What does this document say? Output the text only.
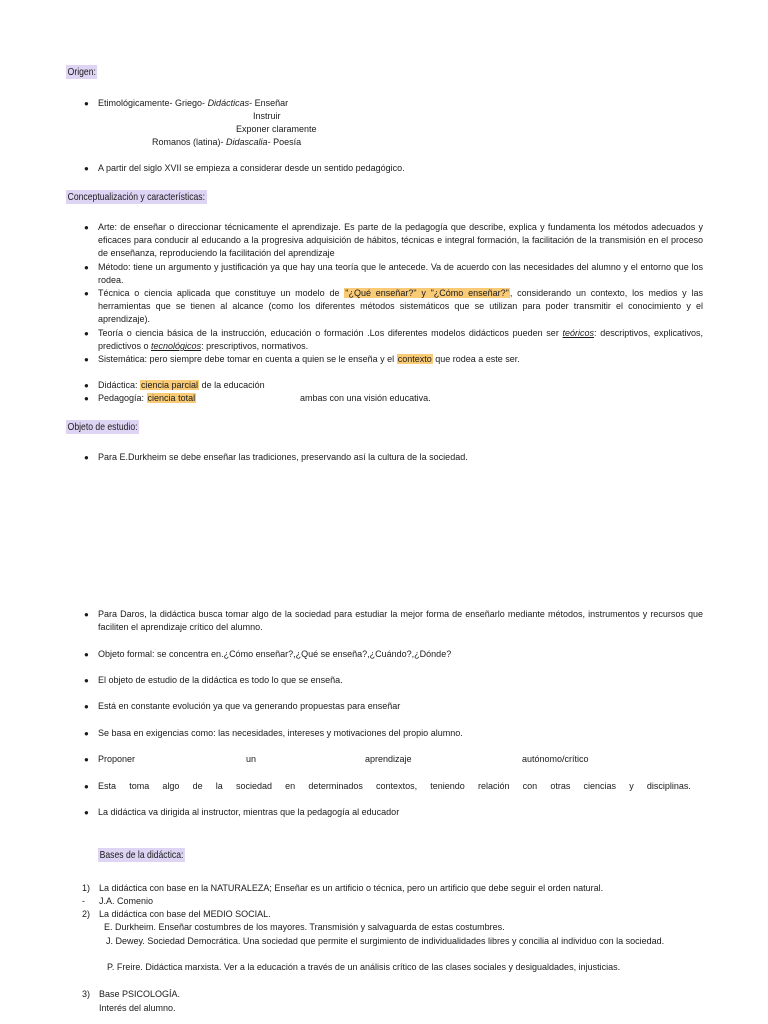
Origen:
● Etimológicamente- Griego- Didácticas- Enseñar
Instruir
Exponer claramente
Romanos (latina)- Didascalia- Poesía
● A partir del siglo XVII se empieza a considerar desde un sentido pedagógico.
Conceptualización y características:
● Arte: de enseñar o direccionar técnicamente el aprendizaje. Es parte de la pedagogía que describe, explica y fundamenta los métodos adecuados y eficaces para conducir al educando a la progresiva adquisición de hábitos, técnicas e integral formación, la facilitación de la transmisión en el proceso de enseñanza, reproduciendo la facilitación del aprendizaje
● Método: tiene un argumento y justificación ya que hay una teoría que le antecede. Va de acuerdo con las necesidades del alumno y el entorno que los rodea.
● Técnica o ciencia aplicada que constituye un modelo de "¿Qué enseñar?" y "¿Cómo enseñar?", considerando un contexto, los medios y las herramientas que se tienen al alcance (como los diferentes métodos sistemáticos que se utilizan para poder transmitir el conocimiento y el aprendizaje).
● Teoría o ciencia básica de la instrucción, educación o formación .Los diferentes modelos didácticos pueden ser teóricos: descriptivos, explicativos, predictivos o tecnológicos: prescriptivos, normativos.
● Sistemática: pero siempre debe tomar en cuenta a quien se le enseña y el contexto que rodea a este ser.
● Didáctica: ciencia parcial de la educación
● Pedagogía: ciencia total	ambas con una visión educativa.
Objeto de estudio:
● Para E.Durkheim se debe enseñar las tradiciones, preservando así la cultura de la sociedad.
● Para Daros, la didáctica busca tomar algo de la sociedad para estudiar la mejor forma de enseñarlo mediante métodos, instrumentos y recursos que faciliten el aprendizaje crítico del alumno.
● Objeto formal: se concentra en.¿Cómo enseñar?,¿Qué se enseña?,¿Cuándo?,¿Dónde?
● El objeto de estudio de la didáctica es todo lo que se enseña.
● Está en constante evolución ya que va generando propuestas para enseñar
● Se basa en exigencias como: las necesidades, intereses y motivaciones del propio alumno.
● Proponer	un	aprendizaje	autónomo/crítico
● Esta toma algo de la sociedad en determinados contextos, teniendo relación con otras ciencias y disciplinas.
● La didáctica va dirigida al instructor, mientras que la pedagogía al educador
Bases de la didáctica:
1) La didáctica con base en la NATURALEZA; Enseñar es un artificio o técnica, pero un artificio que debe seguir el orden natural.
- J.A. Comenio
2) La didáctica con base del MEDIO SOCIAL.
E. Durkheim. Enseñar costumbres de los mayores. Transmisión y salvaguarda de estas costumbres.
J. Dewey. Sociedad Democrática. Una sociedad que permite el surgimiento de individualidades libres y concilia al individuo con la sociedad.
P. Freire. Didáctica marxista. Ver a la educación a través de un análisis crítico de las clases sociales y desigualdades, injusticias.
3) Base PSICOLOGÍA.
Interés del alumno.
